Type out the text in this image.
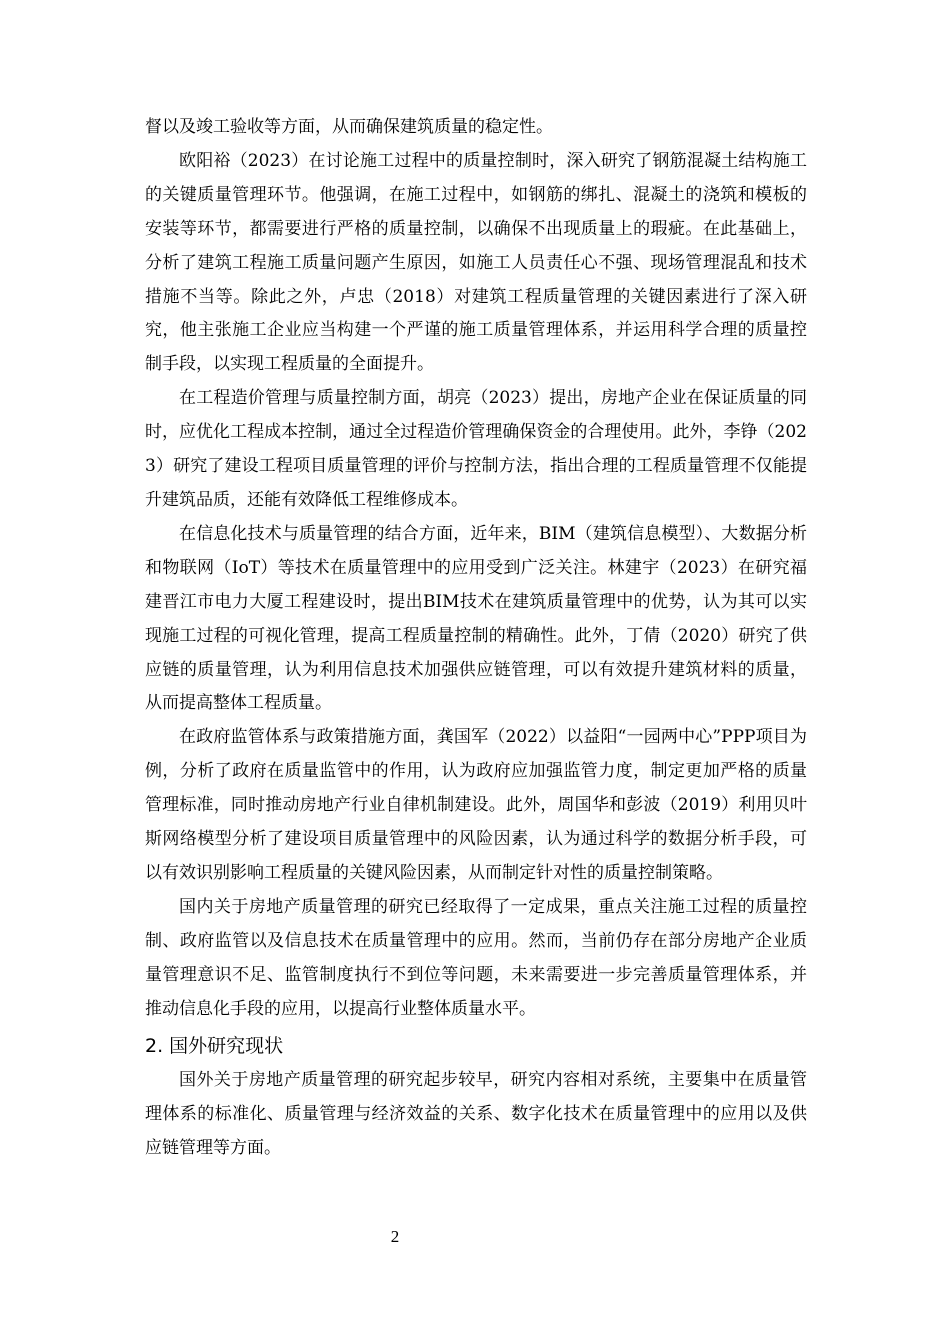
督以及竣工验收等方面，从而确保建筑质量的稳定性。

欧阳裕（2023）在讨论施工过程中的质量控制时，深入研究了钢筋混凝土结构施工的关键质量管理环节。他强调，在施工过程中，如钢筋的绑扎、混凝土的浇筑和模板的安装等环节，都需要进行严格的质量控制，以确保不出现质量上的瑕疵。在此基础上，分析了建筑工程施工质量问题产生原因，如施工人员责任心不强、现场管理混乱和技术措施不当等。除此之外，卢忠（2018）对建筑工程质量管理的关键因素进行了深入研究，他主张施工企业应当构建一个严谨的施工质量管理体系，并运用科学合理的质量控制手段，以实现工程质量的全面提升。

在工程造价管理与质量控制方面，胡亮（2023）提出，房地产企业在保证质量的同时，应优化工程成本控制，通过全过程造价管理确保资金的合理使用。此外，李铮（2023）研究了建设工程项目质量管理的评价与控制方法，指出合理的工程质量管理不仅能提升建筑品质，还能有效降低工程维修成本。

在信息化技术与质量管理的结合方面，近年来，BIM（建筑信息模型）、大数据分析和物联网（IoT）等技术在质量管理中的应用受到广泛关注。林建宇（2023）在研究福建晋江市电力大厦工程建设时，提出BIM技术在建筑质量管理中的优势，认为其可以实现施工过程的可视化管理，提高工程质量控制的精确性。此外，丁倩（2020）研究了供应链的质量管理，认为利用信息技术加强供应链管理，可以有效提升建筑材料的质量，从而提高整体工程质量。

在政府监管体系与政策措施方面，龚国军（2022）以益阳“一园两中心”PPP项目为例，分析了政府在质量监管中的作用，认为政府应加强监管力度，制定更加严格的质量管理标准，同时推动房地产行业自律机制建设。此外，周国华和彭波（2019）利用贝叶斯网络模型分析了建设项目质量管理中的风险因素，认为通过科学的数据分析手段，可以有效识别影响工程质量的关键风险因素，从而制定针对性的质量控制策略。

国内关于房地产质量管理的研究已经取得了一定成果，重点关注施工过程的质量控制、政府监管以及信息技术在质量管理中的应用。然而，当前仍存在部分房地产企业质量管理意识不足、监管制度执行不到位等问题，未来需要进一步完善质量管理体系，并推动信息化手段的应用，以提高行业整体质量水平。

2. 国外研究现状

国外关于房地产质量管理的研究起步较早，研究内容相对系统，主要集中在质量管理体系的标准化、质量管理与经济效益的关系、数字化技术在质量管理中的应用以及供应链管理等方面。

2
